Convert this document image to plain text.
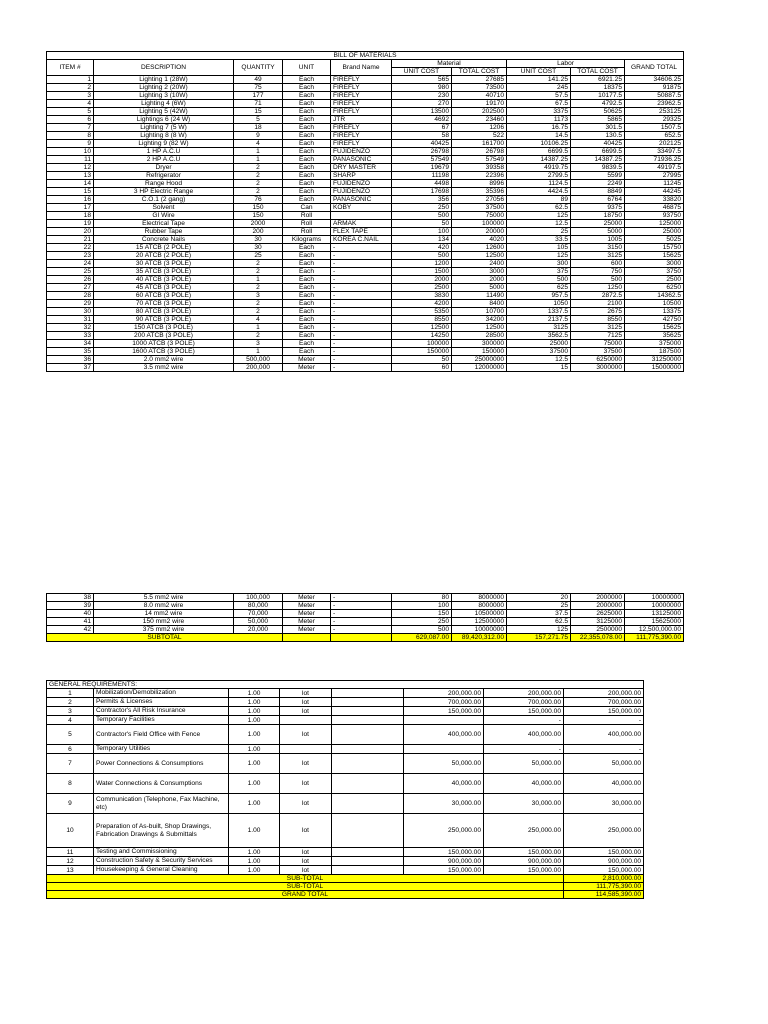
BILL OF MATERIALS									
ITEM #	DESCRIPTION	QUANTITY	UNIT	Brand Name	Material		Labor		GRAND TOTAL
					UNIT COST	TOTAL COST	UNIT COST	TOTAL COST	
1	Lighting 1 (28W)	49	Each	FIREFLY	565	27685	141.25	6921.25	34606.25
2	Lighting 2 (20W)	75	Each	FIREFLY	980	73500	245	18375	91875
3	Lighting 3 (10W)	177	Each	FIREFLY	230	40710	57.5	10177.5	50887.5
4	Lighting 4 (6W)	71	Each	FIREFLY	270	19170	67.5	4792.5	23962.5
5	Lighting 5 (42W)	15	Each	FIREFLY	13500	202500	3375	50625	253125
6	Lightings 6 (24 W)	5	Each	JTR	4692	23460	1173	5865	29325
7	Lighting 7 (5 W)	18	Each	FIREFLY	67	1206	16.75	301.5	1507.5
8	Lighting 8 (8 W)	9	Each	FIREFLY	58	522	14.5	130.5	652.5
9	Lighting 9 (82 W)	4	Each	FIREFLY	40425	161700	10106.25	40425	202125
10	1 HP A.C.U	1	Each	FUJIDENZO	26798	26798	6699.5	6699.5	33497.5
11	2 HP A.C.U	1	Each	PANASONIC	57549	57549	14387.25	14387.25	71936.25
12	Dryer	2	Each	DRY MASTER	19679	39358	4919.75	9839.5	49197.5
13	Refrigerator	2	Each	SHARP	11198	22396	2799.5	5599	27995
14	Range Hood	2	Each	FUJIDENZO	4498	8996	1124.5	2249	11245
15	3 HP Electric Range	2	Each	FUJIDENZO	17698	35396	4424.5	8849	44245
16	C.O.1 (2 gang)	76	Each	PANASONIC	356	27056	89	6764	33820
17	Solvent	150	Can	KOBY	250	37500	62.5	9375	46875
18	GI Wire	150	Roll		500	75000	125	18750	93750
19	Electrical Tape	2000	Roll	ARMAK	50	100000	12.5	25000	125000
20	Rubber Tape	200	Roll	FLEX TAPE	100	20000	25	5000	25000
21	Concrete Nails	30	Kilograms	KOREA C.NAIL	134	4020	33.5	1005	5025
22	15 ATCB (2 POLE)	30	Each	-	420	12600	105	3150	15750
23	20 ATCB (2 POLE)	25	Each	-	500	12500	125	3125	15625
24	30 ATCB (3 POLE)	2	Each	-	1200	2400	300	600	3000
25	35 ATCB (3 POLE)	2	Each	-	1500	3000	375	750	3750
26	40 ATCB (3 POLE)	1	Each	-	2000	2000	500	500	2500
27	45 ATCB (3 POLE)	2	Each	-	2500	5000	625	1250	6250
28	60 ATCB (3 POLE)	3	Each	-	3830	11490	957.5	2872.5	14362.5
29	70 ATCB (3 POLE)	2	Each	-	4200	8400	1050	2100	10500
30	80 ATCB (3 POLE)	2	Each	-	5350	10700	1337.5	2675	13375
31	90 ATCB (3 POLE)	4	Each	-	8550	34200	2137.5	8550	42750
32	150 ATCB (3 POLE)	1	Each	-	12500	12500	3125	3125	15625
33	200 ATCB (3 POLE)	2	Each	-	14250	28500	3562.5	7125	35625
34	1000 ATCB (3 POLE)	3	Each	-	100000	300000	25000	75000	375000
35	1600 ATCB (3 POLE)	1	Each	-	150000	150000	37500	37500	187500
36	2.0 mm2 wire	500,000	Meter	-	50	25000000	12.5	6250000	31250000
37	3.5 mm2 wire	200,000	Meter	-	60	12000000	15	3000000	15000000
38	5.5 mm2 wire	100,000	Meter	-	80	8000000	20	2000000	10000000
39	8.0 mm2 wire	80,000	Meter	-	100	8000000	25	2000000	10000000
40	14 mm2 wire	70,000	Meter	-	150	10500000	37.5	2625000	13125000
41	150 mm2 wire	50,000	Meter	-	250	12500000	62.5	3125000	15625000
42	375 mm2 wire	20,000	Meter	-	500	10000000	125	2500000	12,500,000.00
SUBTOTAL					629,087.00	89,420,312.00	157,271.75	22,355,078.00	111,775,390.00
GENERAL REQUIREMENTS:							
1	Mobilization/Demobilization	1.00	lot		200,000.00	200,000.00	200,000.00
2	Permits & Licenses	1.00	lot		700,000.00	700,000.00	700,000.00
3	Contractor's All Risk Insurance	1.00	lot		150,000.00	150,000.00	150,000.00
4	Temporary Facilities	1.00				-	-
5	Contractor's Field Office with Fence	1.00	lot		400,000.00	400,000.00	400,000.00
6	Temporary Utilities	1.00				-	-
7	Power Connections & Consumptions	1.00	lot		50,000.00	50,000.00	50,000.00
8	Water Connections & Consumptions	1.00	lot		40,000.00	40,000.00	40,000.00
9	Communication (Telephone, Fax Machine, etc)	1.00	lot		30,000.00	30,000.00	30,000.00
10	Preparation of As-built, Shop Drawings, Fabrication Drawings & Submittals	1.00	lot		250,000.00	250,000.00	250,000.00
11	Testing and Commissioning	1.00	lot		150,000.00	150,000.00	150,000.00
12	Construction Safety & Security Services	1.00	lot		900,000.00	900,000.00	900,000.00
13	Housekeeping & General Cleaning	1.00	lot		150,000.00	150,000.00	150,000.00
SUB-TOTAL							2,810,000.00
SUB-TOTAL							111,775,390.00
GRAND TOTAL							114,585,390.00
